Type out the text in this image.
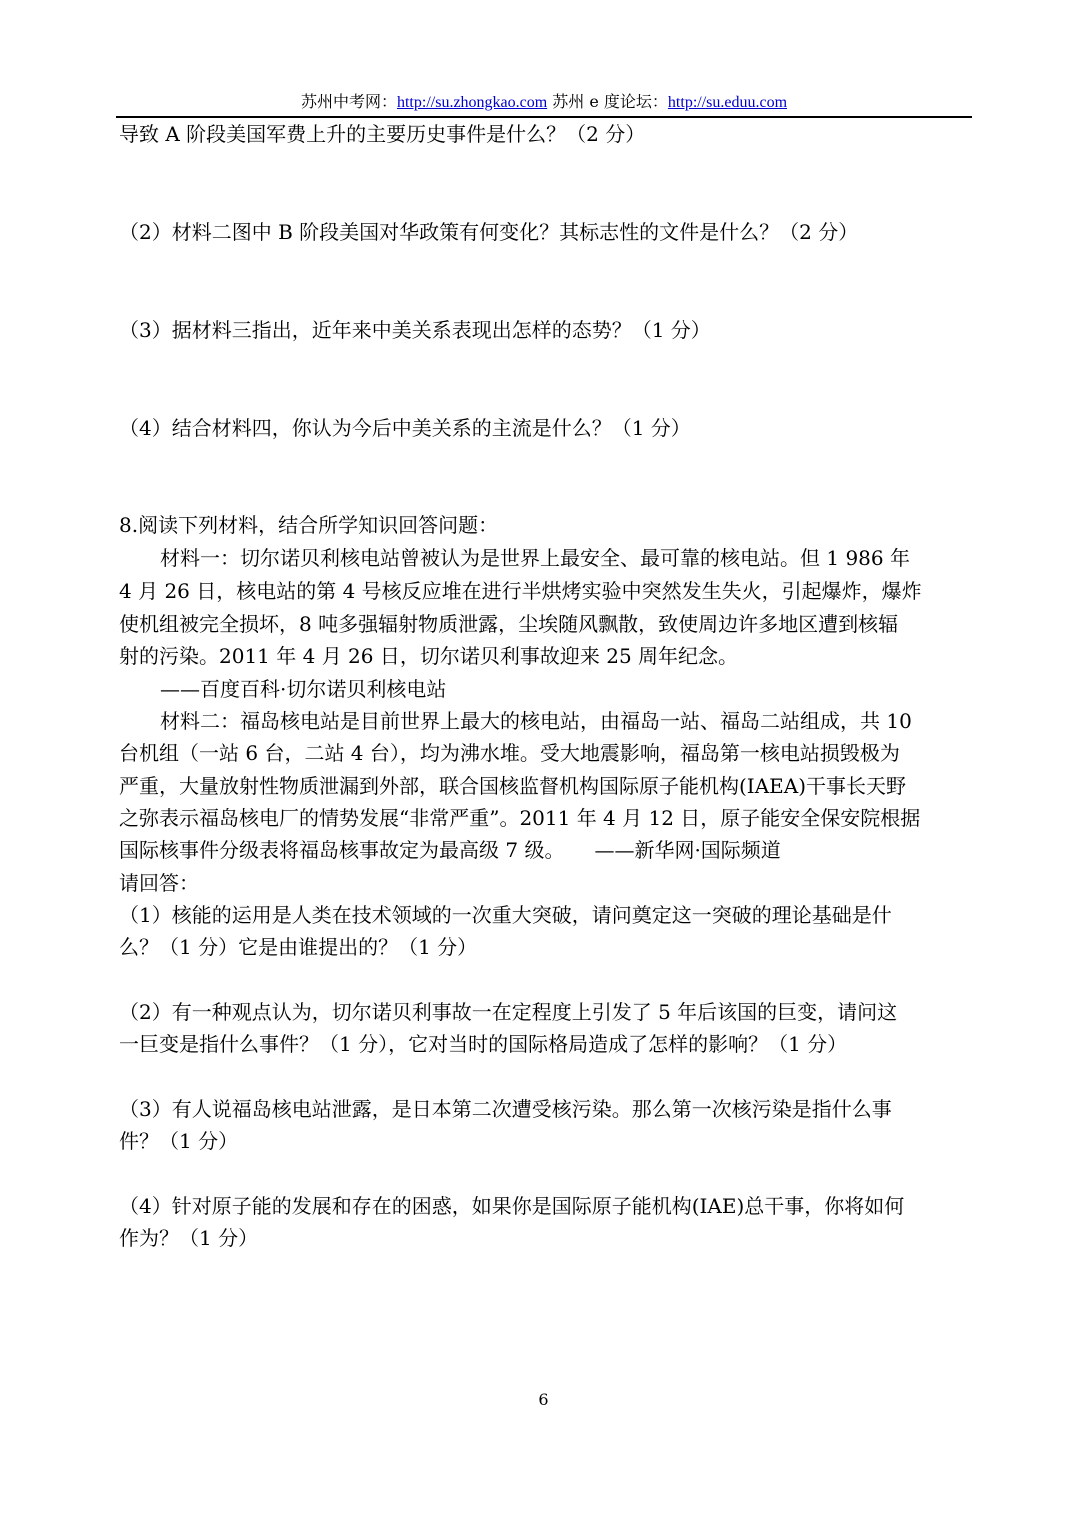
苏州中考网：http://su.zhongkao.com 苏州 e 度论坛：http://su.eduu.com
导致 A 阶段美国军费上升的主要历史事件是什么？（2 分）
（2）材料二图中 B 阶段美国对华政策有何变化？其标志性的文件是什么？（2 分）
（3）据材料三指出，近年来中美关系表现出怎样的态势？（1 分）
（4）结合材料四，你认为今后中美关系的主流是什么？（1 分）
8.阅读下列材料，结合所学知识回答问题：
材料一：切尔诺贝利核电站曾被认为是世界上最安全、最可靠的核电站。但 1 986 年
4 月 26 日，核电站的第 4 号核反应堆在进行半烘烤实验中突然发生失火，引起爆炸，爆炸
使机组被完全损坏，8 吨多强辐射物质泄露，尘埃随风飘散，致使周边许多地区遭到核辐
射的污染。2011 年 4 月 26 日，切尔诺贝利事故迎来 25 周年纪念。
——百度百科·切尔诺贝利核电站
材料二：福岛核电站是目前世界上最大的核电站，由福岛一站、福岛二站组成，共 10
台机组（一站 6 台，二站 4 台），均为沸水堆。受大地震影响，福岛第一核电站损毁极为
严重，大量放射性物质泄漏到外部，联合国核监督机构国际原子能机构(IAEA)干事长天野
之弥表示福岛核电厂的情势发展“非常严重”。2011 年 4 月 12 日，原子能安全保安院根据
国际核事件分级表将福岛核事故定为最高级 7 级。　　——新华网·国际频道
请回答：
（1）核能的运用是人类在技术领域的一次重大突破，请问奠定这一突破的理论基础是什
么？（1 分）它是由谁提出的？（1 分）
（2）有一种观点认为，切尔诺贝利事故一在定程度上引发了 5 年后该国的巨变，请问这
一巨变是指什么事件？（1 分），它对当时的国际格局造成了怎样的影响？（1 分）
（3）有人说福岛核电站泄露，是日本第二次遭受核污染。那么第一次核污染是指什么事
件？（1 分）
（4）针对原子能的发展和存在的困惑，如果你是国际原子能机构(IAE)总干事，你将如何
作为？（1 分）
6
